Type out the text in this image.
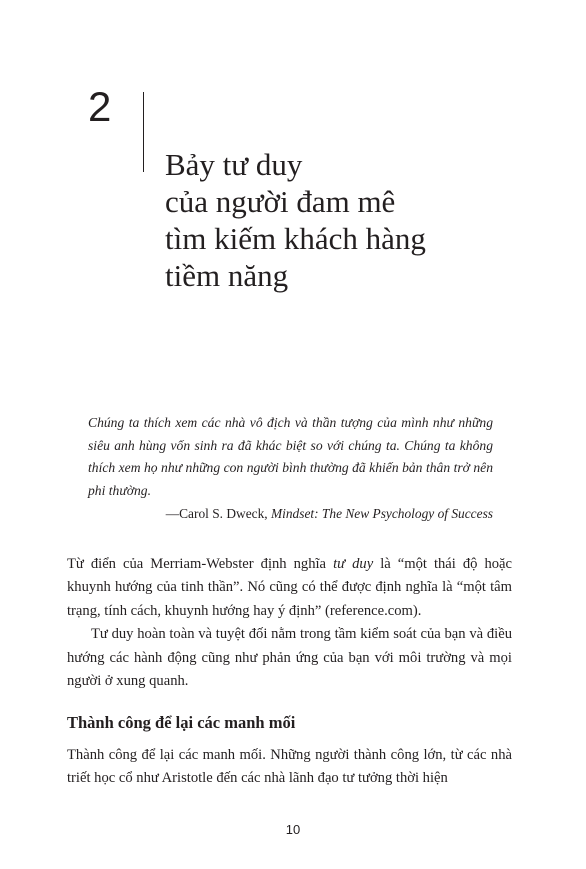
2
Bảy tư duy
của người đam mê
tìm kiếm khách hàng
tiềm năng

Chúng ta thích xem các nhà vô địch và thần tượng của mình như những siêu anh hùng vốn sinh ra đã khác biệt so với chúng ta. Chúng ta không thích xem họ như những con người bình thường đã khiến bản thân trở nên phi thường.

—Carol S. Dweck, Mindset: The New Psychology of Success

Từ điển của Merriam-Webster định nghĩa tư duy là “một thái độ hoặc khuynh hướng của tinh thần”. Nó cũng có thể được định nghĩa là “một tâm trạng, tính cách, khuynh hướng hay ý định” (reference.com).

Tư duy hoàn toàn và tuyệt đối nằm trong tầm kiểm soát của bạn và điều hướng các hành động cũng như phản ứng của bạn với môi trường và mọi người ở xung quanh.

Thành công để lại các manh mối

Thành công để lại các manh mối. Những người thành công lớn, từ các nhà triết học cổ như Aristotle đến các nhà lãnh đạo tư tưởng thời hiện

10
